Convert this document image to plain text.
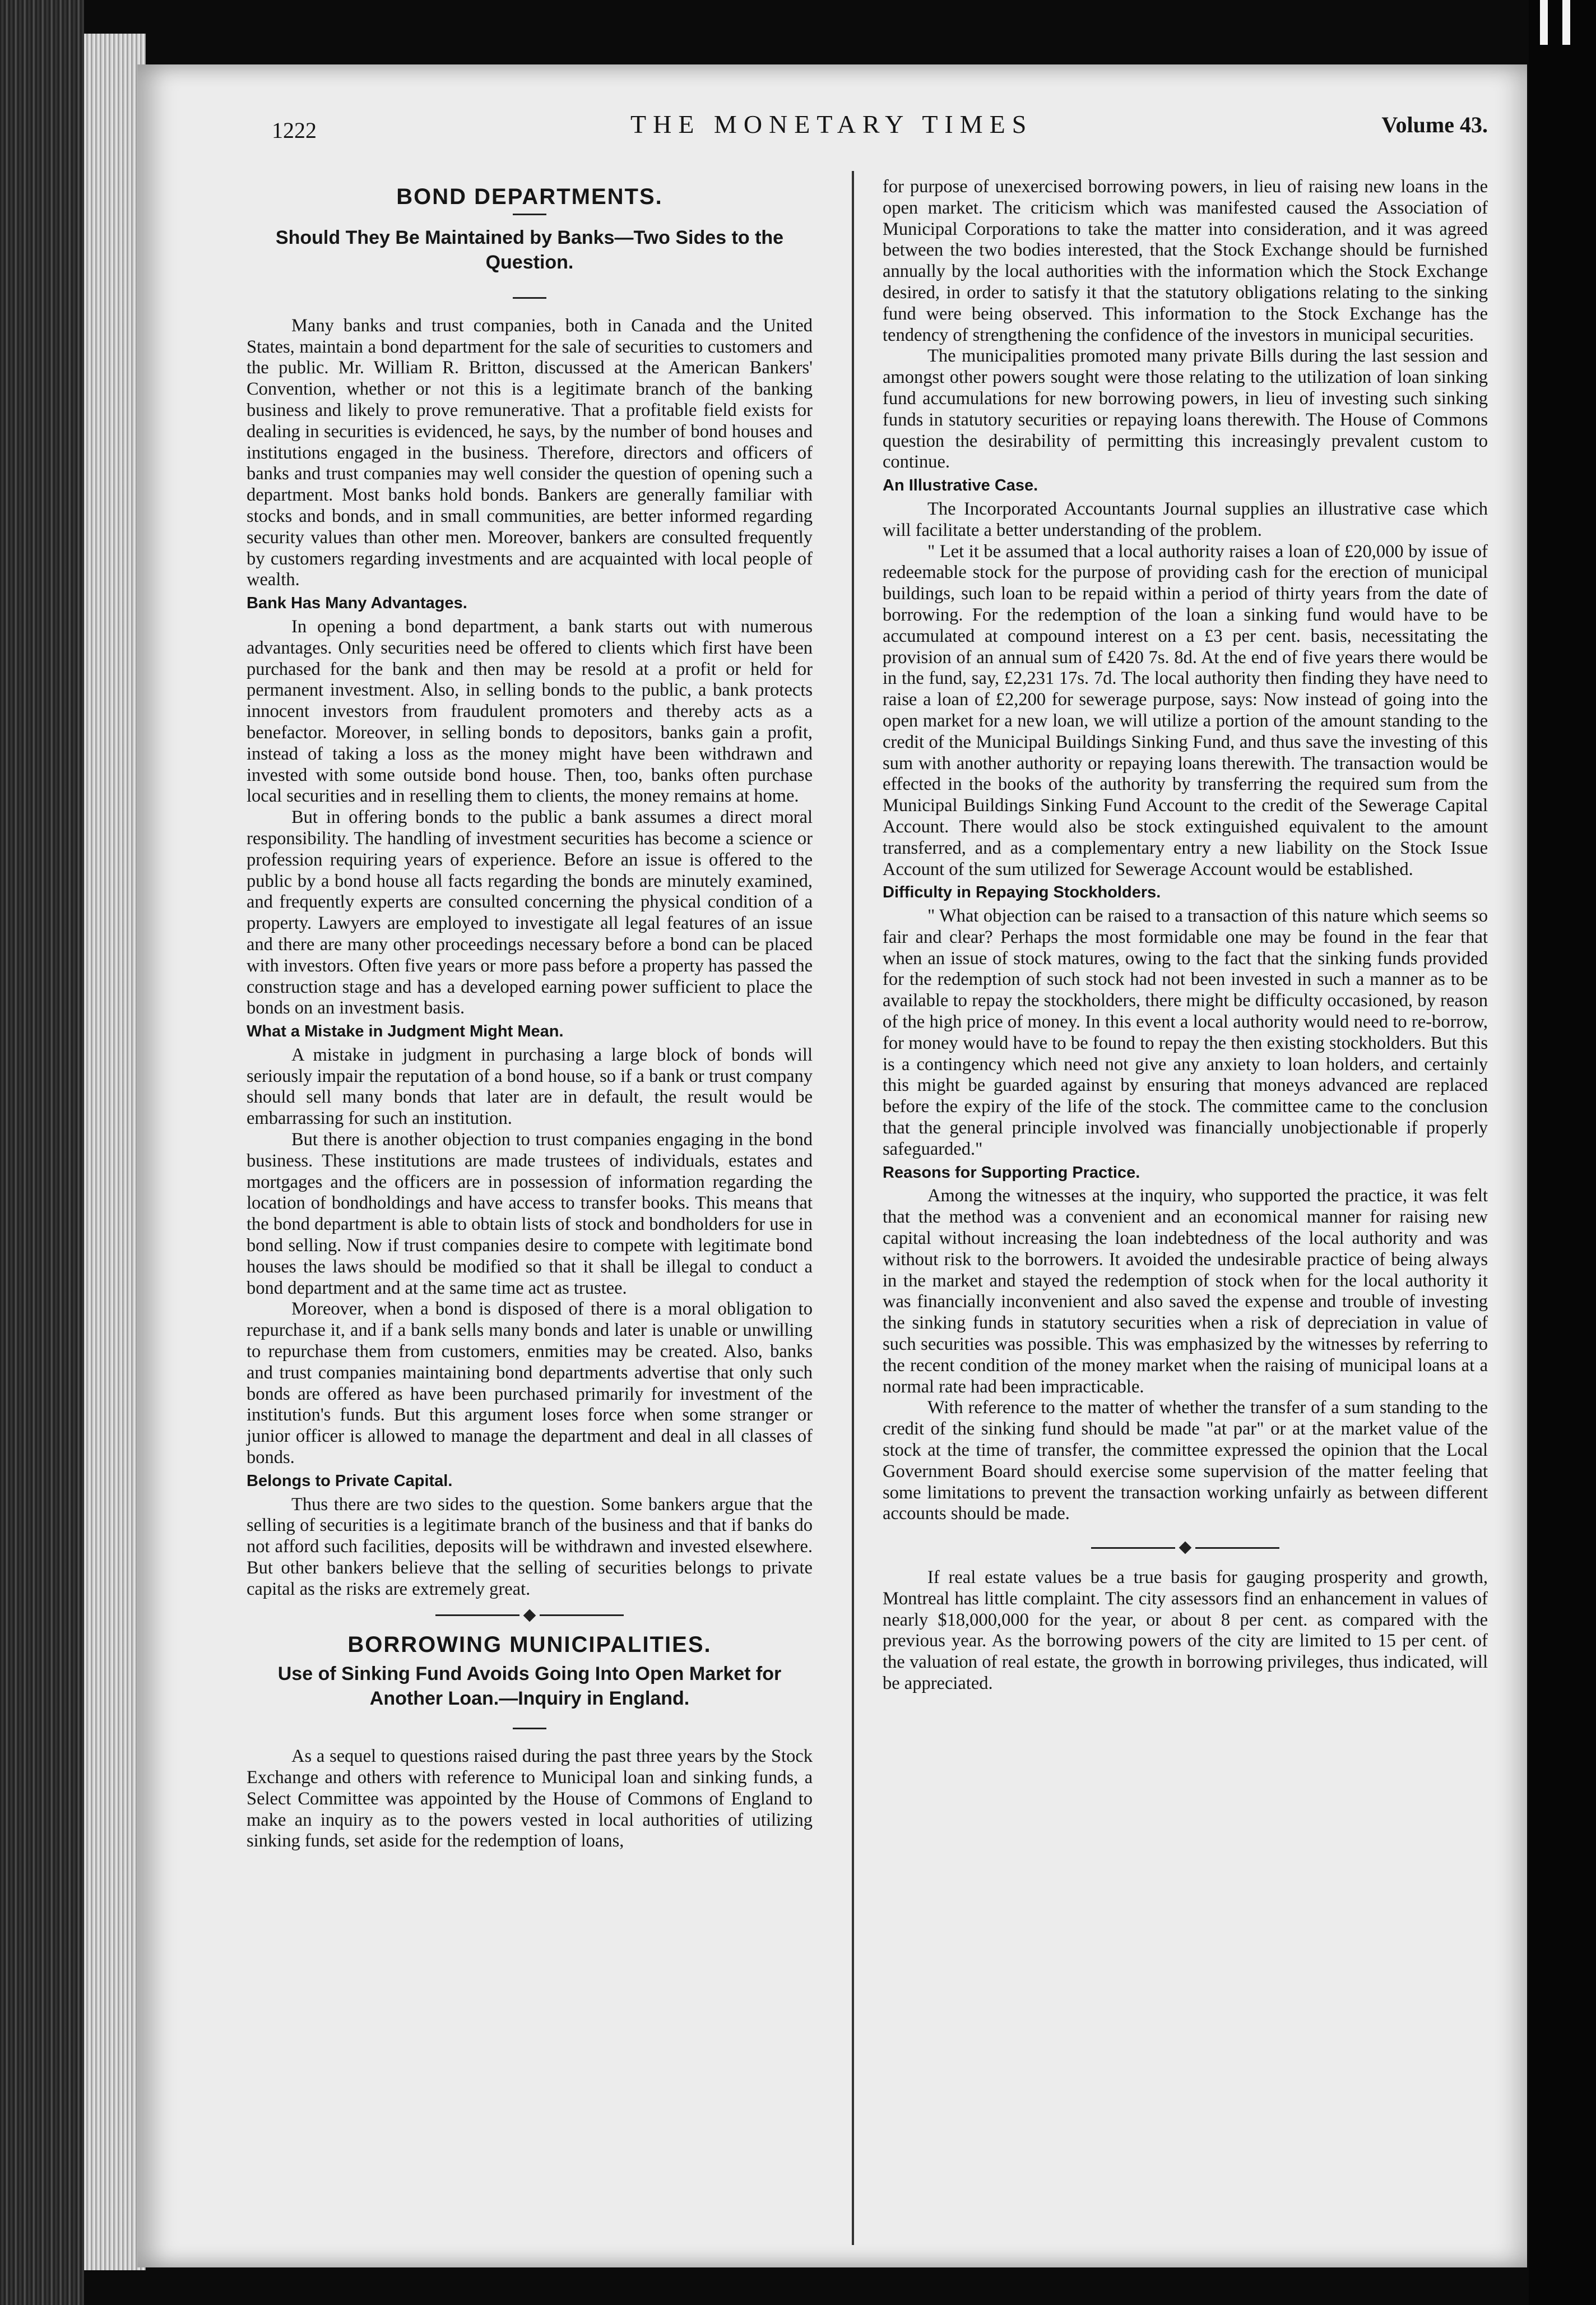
1222	THE MONETARY TIMES	Volume 43.
BOND DEPARTMENTS.
Should They Be Maintained by Banks—Two Sides to the Question.

Many banks and trust companies, both in Canada and the United States, maintain a bond department for the sale of securities to customers and the public. Mr. William R. Britton, discussed at the American Bankers' Convention, whether or not this is a legitimate branch of the banking business and likely to prove remunerative. That a profitable field exists for dealing in securities is evidenced, he says, by the number of bond houses and institutions engaged in the business. Therefore, directors and officers of banks and trust companies may well consider the question of opening such a department. Most banks hold bonds. Bankers are generally familiar with stocks and bonds, and in small communities, are better informed regarding security values than other men. Moreover, bankers are consulted frequently by customers regarding investments and are acquainted with local people of wealth.

Bank Has Many Advantages.

In opening a bond department, a bank starts out with numerous advantages. Only securities need be offered to clients which first have been purchased for the bank and then may be resold at a profit or held for permanent investment. Also, in selling bonds to the public, a bank protects innocent investors from fraudulent promoters and thereby acts as a benefactor. Moreover, in selling bonds to depositors, banks gain a profit, instead of taking a loss as the money might have been withdrawn and invested with some outside bond house. Then, too, banks often purchase local securities and in reselling them to clients, the money remains at home.

But in offering bonds to the public a bank assumes a direct moral responsibility. The handling of investment securities has become a science or profession requiring years of experience. Before an issue is offered to the public by a bond house all facts regarding the bonds are minutely examined, and frequently experts are consulted concerning the physical condition of a property. Lawyers are employed to investigate all legal features of an issue and there are many other proceedings necessary before a bond can be placed with investors. Often five years or more pass before a property has passed the construction stage and has a developed earning power sufficient to place the bonds on an investment basis.

What a Mistake in Judgment Might Mean.

A mistake in judgment in purchasing a large block of bonds will seriously impair the reputation of a bond house, so if a bank or trust company should sell many bonds that later are in default, the result would be embarrassing for such an institution.

But there is another objection to trust companies engaging in the bond business. These institutions are made trustees of individuals, estates and mortgages and the officers are in possession of information regarding the location of bondholdings and have access to transfer books. This means that the bond department is able to obtain lists of stock and bondholders for use in bond selling. Now if trust companies desire to compete with legitimate bond houses the laws should be modified so that it shall be illegal to conduct a bond department and at the same time act as trustee.

Moreover, when a bond is disposed of there is a moral obligation to repurchase it, and if a bank sells many bonds and later is unable or unwilling to repurchase them from customers, enmities may be created. Also, banks and trust companies maintaining bond departments advertise that only such bonds are offered as have been purchased primarily for investment of the institution's funds. But this argument loses force when some stranger or junior officer is allowed to manage the department and deal in all classes of bonds.

Belongs to Private Capital.

Thus there are two sides to the question. Some bankers argue that the selling of securities is a legitimate branch of the business and that if banks do not afford such facilities, deposits will be withdrawn and invested elsewhere. But other bankers believe that the selling of securities belongs to private capital as the risks are extremely great.

BORROWING MUNICIPALITIES.
Use of Sinking Fund Avoids Going Into Open Market for Another Loan.—Inquiry in England.

As a sequel to questions raised during the past three years by the Stock Exchange and others with reference to Municipal loan and sinking funds, a Select Committee was appointed by the House of Commons of England to make an inquiry as to the powers vested in local authorities of utilizing sinking funds, set aside for the redemption of loans,

for purpose of unexercised borrowing powers, in lieu of raising new loans in the open market. The criticism which was manifested caused the Association of Municipal Corporations to take the matter into consideration, and it was agreed between the two bodies interested, that the Stock Exchange should be furnished annually by the local authorities with the information which the Stock Exchange desired, in order to satisfy it that the statutory obligations relating to the sinking fund were being observed. This information to the Stock Exchange has the tendency of strengthening the confidence of the investors in municipal securities.

The municipalities promoted many private Bills during the last session and amongst other powers sought were those relating to the utilization of loan sinking fund accumulations for new borrowing powers, in lieu of investing such sinking funds in statutory securities or repaying loans therewith. The House of Commons question the desirability of permitting this increasingly prevalent custom to continue.

An Illustrative Case.

The Incorporated Accountants Journal supplies an illustrative case which will facilitate a better understanding of the problem.

" Let it be assumed that a local authority raises a loan of £20,000 by issue of redeemable stock for the purpose of providing cash for the erection of municipal buildings, such loan to be repaid within a period of thirty years from the date of borrowing. For the redemption of the loan a sinking fund would have to be accumulated at compound interest on a £3 per cent. basis, necessitating the provision of an annual sum of £420 7s. 8d. At the end of five years there would be in the fund, say, £2,231 17s. 7d. The local authority then finding they have need to raise a loan of £2,200 for sewerage purpose, says: Now instead of going into the open market for a new loan, we will utilize a portion of the amount standing to the credit of the Municipal Buildings Sinking Fund, and thus save the investing of this sum with another authority or repaying loans therewith. The transaction would be effected in the books of the authority by transferring the required sum from the Municipal Buildings Sinking Fund Account to the credit of the Sewerage Capital Account. There would also be stock extinguished equivalent to the amount transferred, and as a complementary entry a new liability on the Stock Issue Account of the sum utilized for Sewerage Account would be established.

Difficulty in Repaying Stockholders.

" What objection can be raised to a transaction of this nature which seems so fair and clear? Perhaps the most formidable one may be found in the fear that when an issue of stock matures, owing to the fact that the sinking funds provided for the redemption of such stock had not been invested in such a manner as to be available to repay the stockholders, there might be difficulty occasioned, by reason of the high price of money. In this event a local authority would need to re-borrow, for money would have to be found to repay the then existing stockholders. But this is a contingency which need not give any anxiety to loan holders, and certainly this might be guarded against by ensuring that moneys advanced are replaced before the expiry of the life of the stock. The committee came to the conclusion that the general principle involved was financially unobjectionable if properly safeguarded."

Reasons for Supporting Practice.

Among the witnesses at the inquiry, who supported the practice, it was felt that the method was a convenient and an economical manner for raising new capital without increasing the loan indebtedness of the local authority and was without risk to the borrowers. It avoided the undesirable practice of being always in the market and stayed the redemption of stock when for the local authority it was financially inconvenient and also saved the expense and trouble of investing the sinking funds in statutory securities when a risk of depreciation in value of such securities was possible. This was emphasized by the witnesses by referring to the recent condition of the money market when the raising of municipal loans at a normal rate had been impracticable.

With reference to the matter of whether the transfer of a sum standing to the credit of the sinking fund should be made "at par" or at the market value of the stock at the time of transfer, the committee expressed the opinion that the Local Government Board should exercise some supervision of the matter feeling that some limitations to prevent the transaction working unfairly as between different accounts should be made.

If real estate values be a true basis for gauging prosperity and growth, Montreal has little complaint. The city assessors find an enhancement in values of nearly $18,000,000 for the year, or about 8 per cent. as compared with the previous year. As the borrowing powers of the city are limited to 15 per cent. of the valuation of real estate, the growth in borrowing privileges, thus indicated, will be appreciated.
